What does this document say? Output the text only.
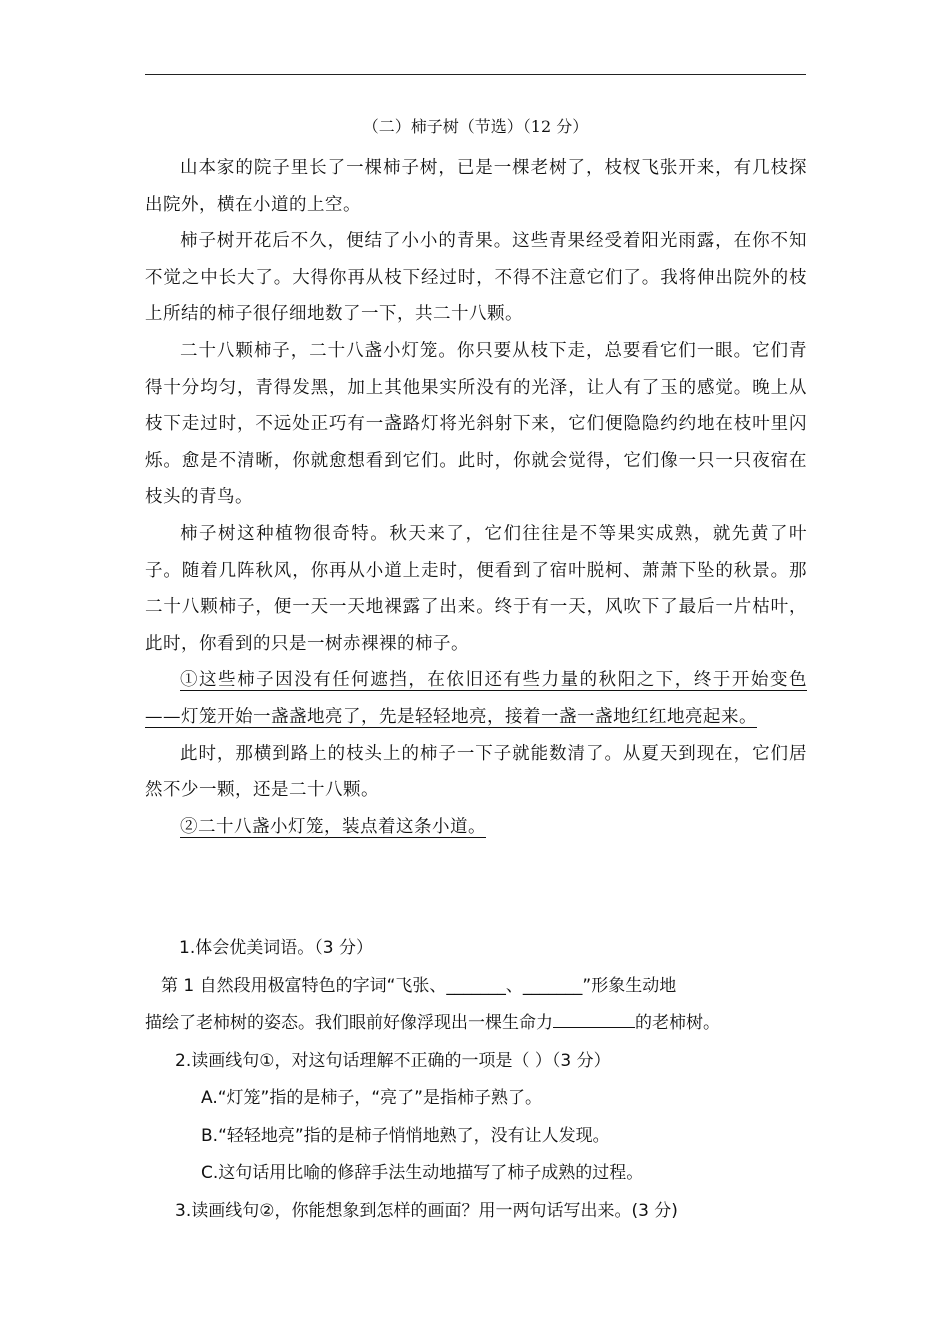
（二）柿子树（节选）（12 分）

山本家的院子里长了一棵柿子树，已是一棵老树了，枝杈飞张开来，有几枝探出院外，横在小道的上空。

柿子树开花后不久，便结了小小的青果。这些青果经受着阳光雨露，在你不知不觉之中长大了。大得你再从枝下经过时，不得不注意它们了。我将伸出院外的枝上所结的柿子很仔细地数了一下，共二十八颗。

二十八颗柿子，二十八盏小灯笼。你只要从枝下走，总要看它们一眼。它们青得十分均匀，青得发黑，加上其他果实所没有的光泽，让人有了玉的感觉。晚上从枝下走过时，不远处正巧有一盏路灯将光斜射下来，它们便隐隐约约地在枝叶里闪烁。愈是不清晰，你就愈想看到它们。此时，你就会觉得，它们像一只一只夜宿在枝头的青鸟。

柿子树这种植物很奇特。秋天来了，它们往往是不等果实成熟，就先黄了叶子。随着几阵秋风，你再从小道上走时，便看到了宿叶脱柯、萧萧下坠的秋景。那二十八颗柿子，便一天一天地裸露了出来。终于有一天，风吹下了最后一片枯叶，此时，你看到的只是一树赤裸裸的柿子。

①这些柿子因没有任何遮挡，在依旧还有些力量的秋阳之下，终于开始变色——灯笼开始一盏盏地亮了，先是轻轻地亮，接着一盏一盏地红红地亮起来。

此时，那横到路上的枝头上的柿子一下子就能数清了。从夏天到现在，它们居然不少一颗，还是二十八颗。

②二十八盏小灯笼，装点着这条小道。

1.体会优美词语。（3 分）

第 1 自然段用极富特色的字词“飞张、_______、_______”形象生动地

描绘了老柿树的姿态。我们眼前好像浮现出一棵生命力	的老柿树。

2.读画线句①，对这句话理解不正确的一项是（ ）（3 分）

A.“灯笼”指的是柿子，“亮了”是指柿子熟了。

B.“轻轻地亮”指的是柿子悄悄地熟了，没有让人发现。

C.这句话用比喻的修辞手法生动地描写了柿子成熟的过程。

3.读画线句②，你能想象到怎样的画面？用一两句话写出来。(3 分)
